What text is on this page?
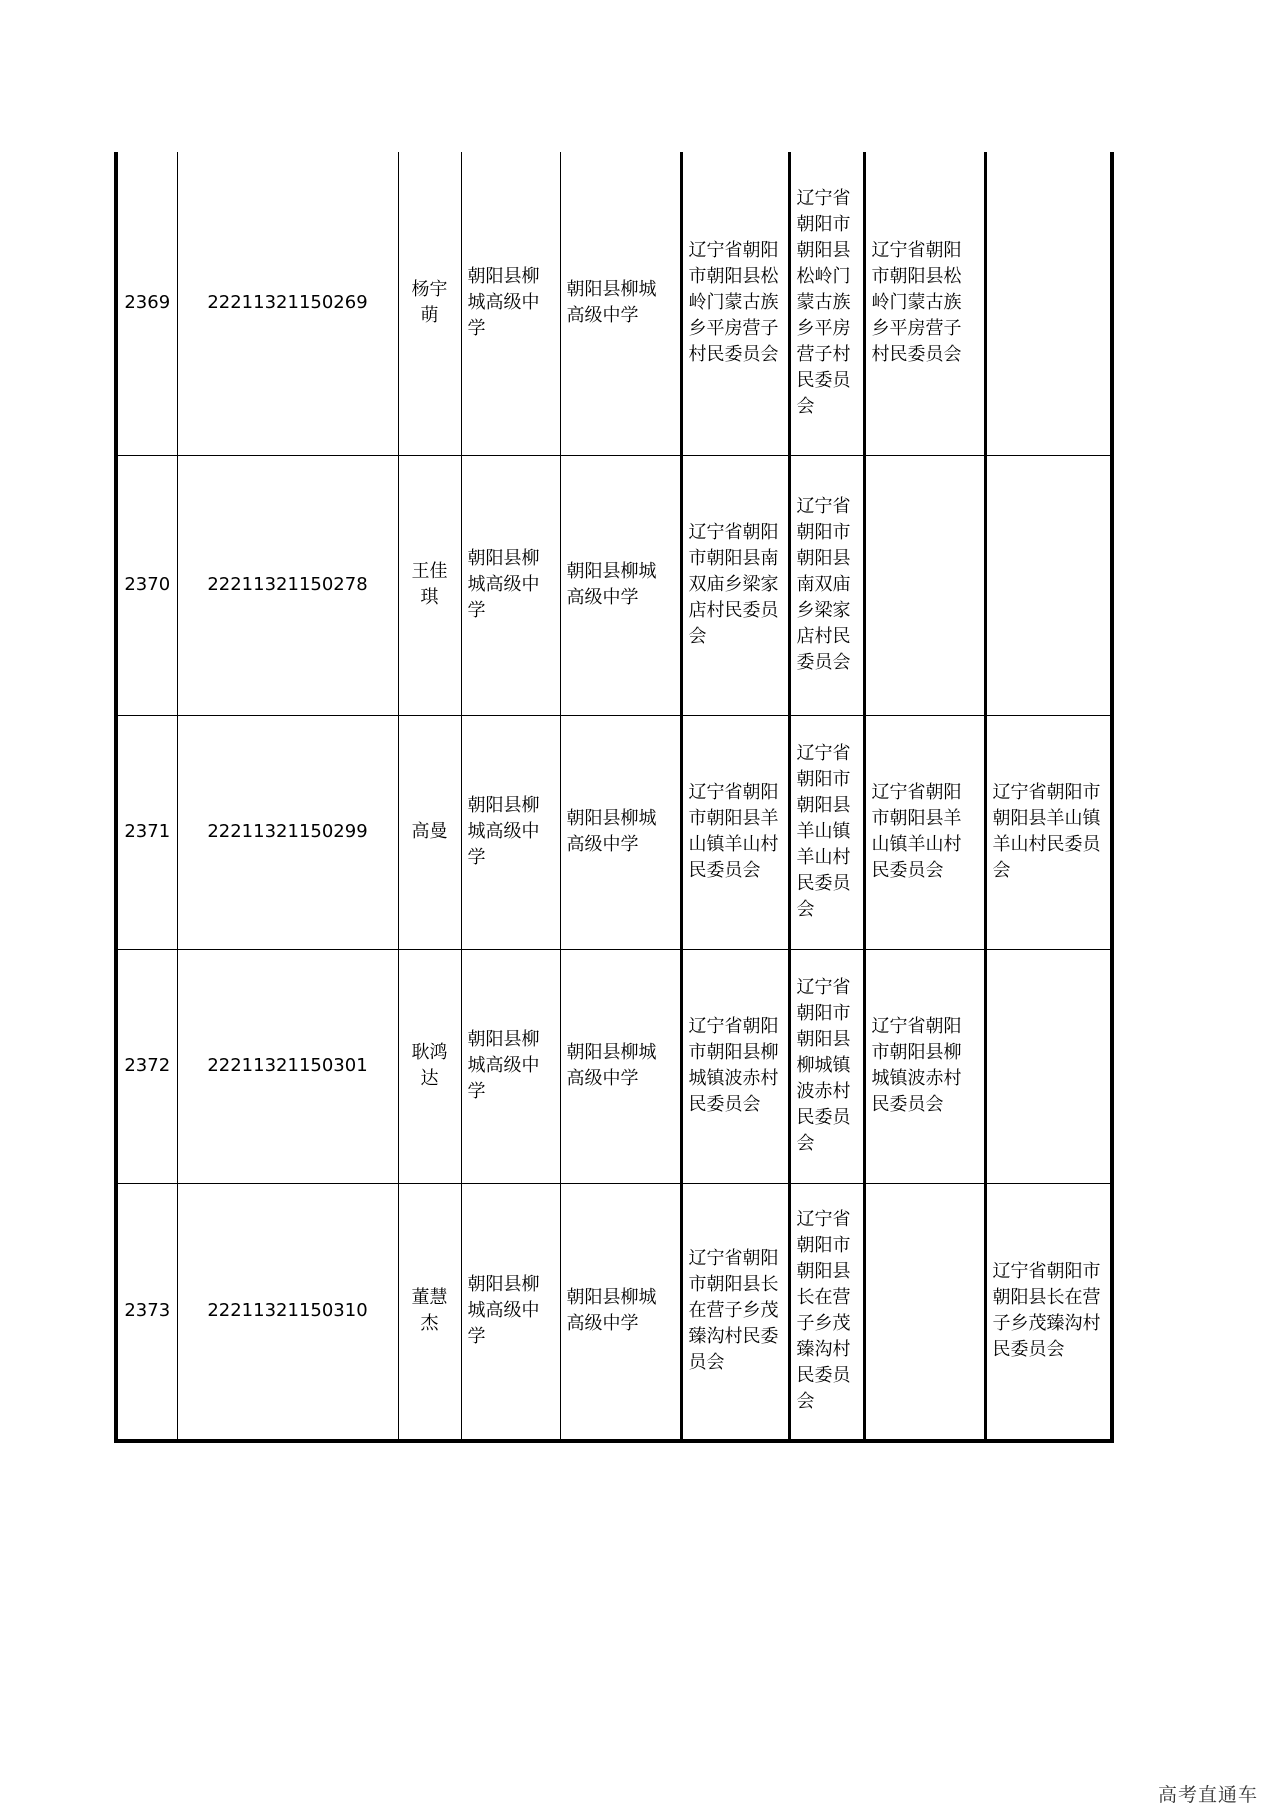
2369	22211321150269	杨宇萌	朝阳县柳城高级中学	朝阳县柳城高级中学	辽宁省朝阳市朝阳县松岭门蒙古族乡平房营子村民委员会	辽宁省朝阳市朝阳县松岭门蒙古族乡平房营子村民委员会	辽宁省朝阳市朝阳县松岭门蒙古族乡平房营子村民委员会	
2370	22211321150278	王佳琪	朝阳县柳城高级中学	朝阳县柳城高级中学	辽宁省朝阳市朝阳县南双庙乡梁家店村民委员会	辽宁省朝阳市朝阳县南双庙乡梁家店村民委员会		
2371	22211321150299	高曼	朝阳县柳城高级中学	朝阳县柳城高级中学	辽宁省朝阳市朝阳县羊山镇羊山村民委员会	辽宁省朝阳市朝阳县羊山镇羊山村民委员会	辽宁省朝阳市朝阳县羊山镇羊山村民委员会	辽宁省朝阳市朝阳县羊山镇羊山村民委员会
2372	22211321150301	耿鸿达	朝阳县柳城高级中学	朝阳县柳城高级中学	辽宁省朝阳市朝阳县柳城镇波赤村民委员会	辽宁省朝阳市朝阳县柳城镇波赤村民委员会	辽宁省朝阳市朝阳县柳城镇波赤村民委员会	
2373	22211321150310	董慧杰	朝阳县柳城高级中学	朝阳县柳城高级中学	辽宁省朝阳市朝阳县长在营子乡茂臻沟村民委员会	辽宁省朝阳市朝阳县长在营子乡茂臻沟村民委员会		辽宁省朝阳市朝阳县长在营子乡茂臻沟村民委员会
高考直通车
